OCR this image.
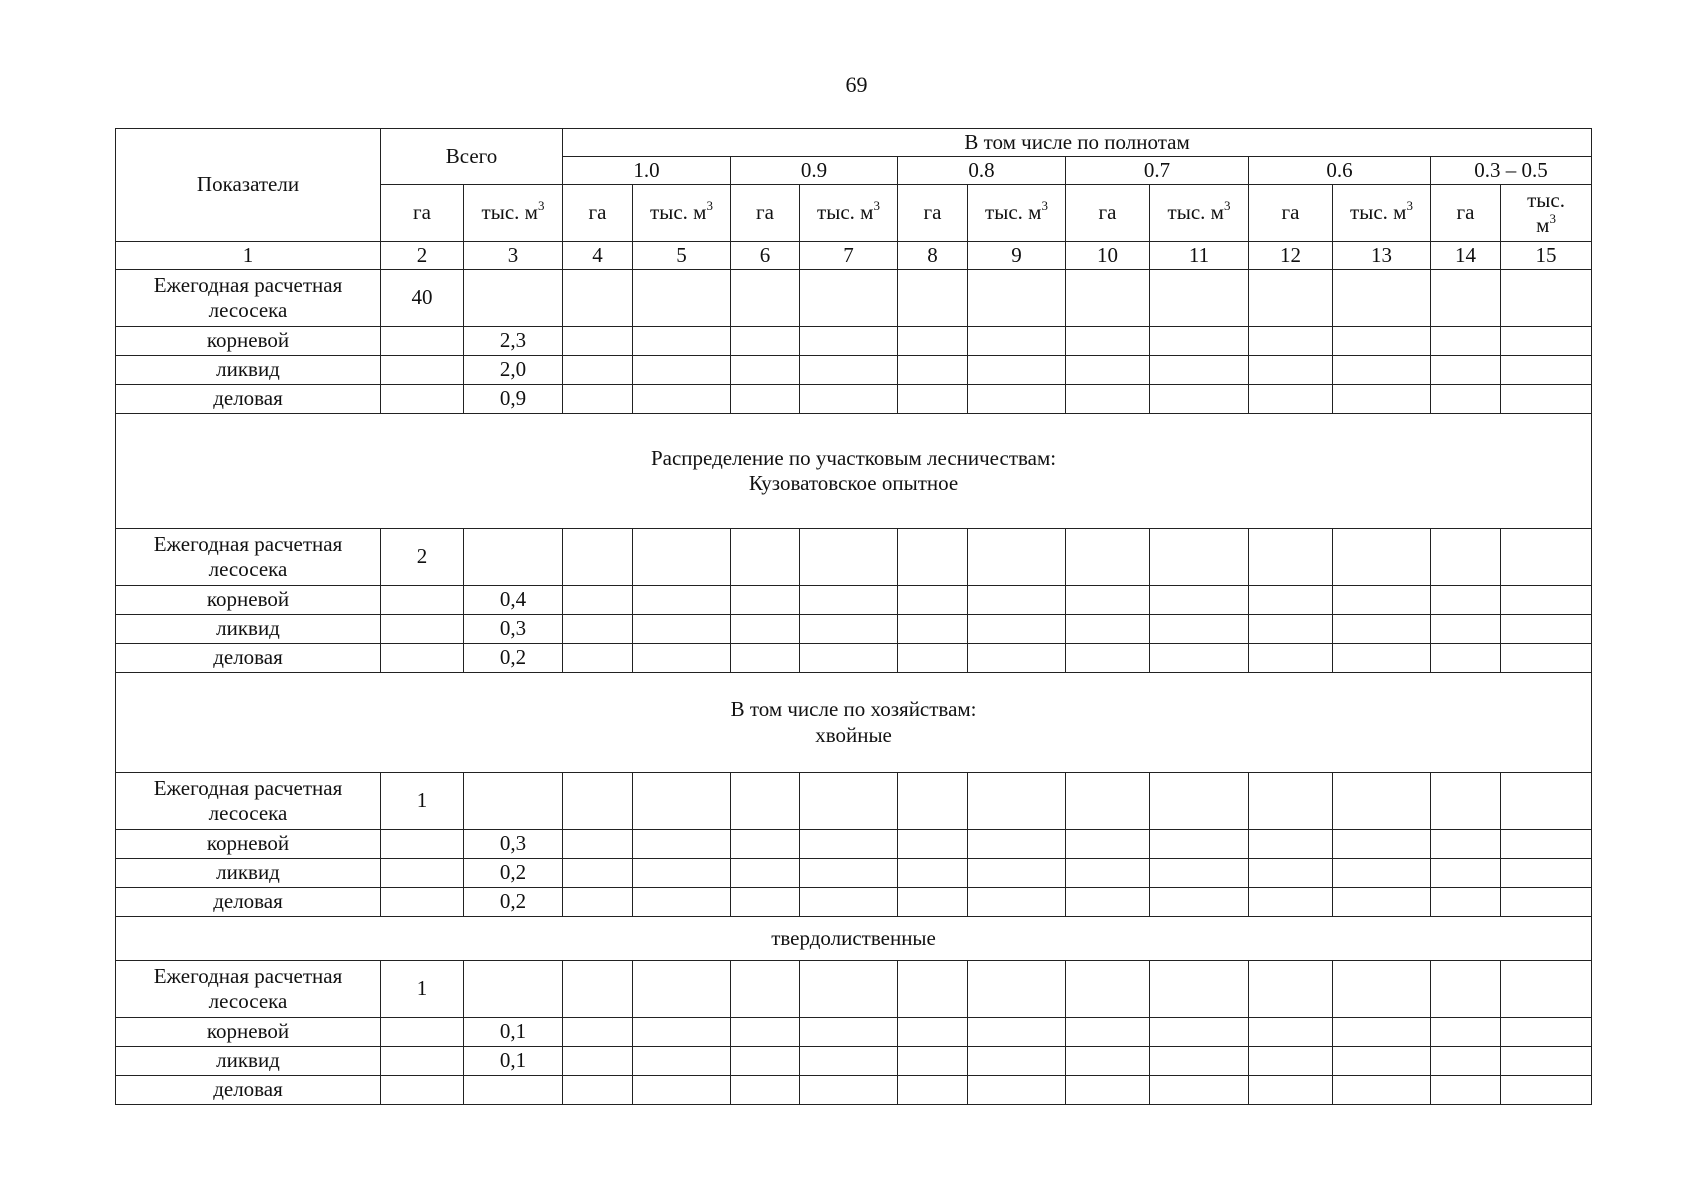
69
Показатели	Всего		В том числе по полнотам											
			1.0		0.9		0.8		0.7		0.6		0.3 – 0.5	
	га	тыс. $м^3$	га	тыс. $м^3$	га	тыс. $м^3$	га	тыс. $м^3$	га	тыс. $м^3$	га	тыс. $м^3$	га	тыс.
$м^3$
1	2	3	4	5	6	7	8	9	10	11	12	13	14	15
Ежегодная расчетная лесосека	40													
корневой		2,3												
ликвид		2,0												
деловая		0,9												

Распределение по участковым лесничествам:
Кузоватовское опытное														

Ежегодная расчетная лесосека	2													
корневой		0,4												
ликвид		0,3												
деловая		0,2												

В том числе по хозяйствам:
хвойные														

Ежегодная расчетная лесосека	1													
корневой		0,3												
ликвид		0,2												
деловая		0,2												

твердолиственные														

Ежегодная расчетная лесосека	1													
корневой		0,1												
ликвид		0,1												
деловая														
